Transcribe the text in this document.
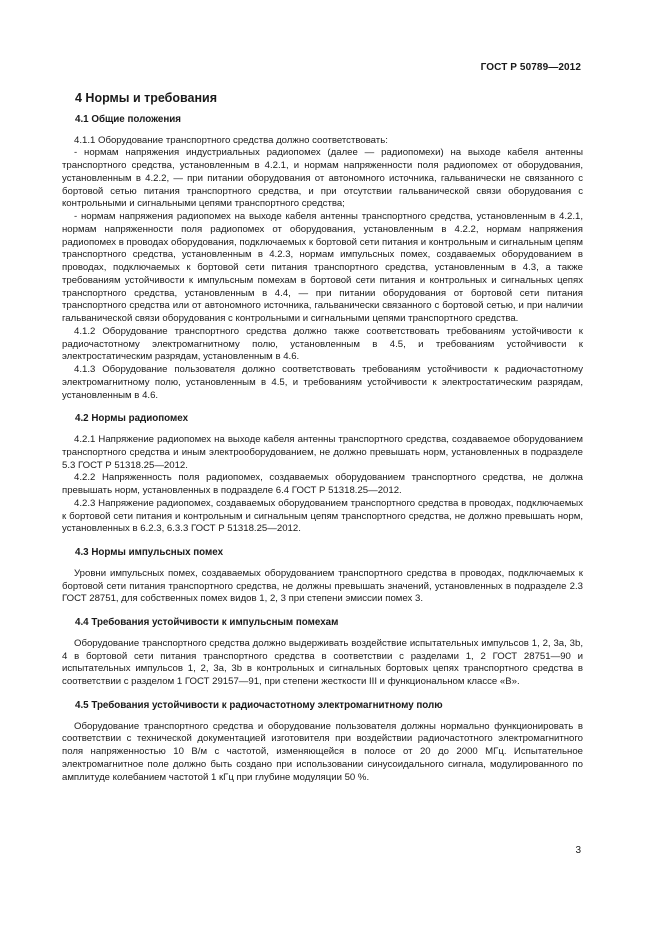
ГОСТ Р 50789—2012
4 Нормы и требования
4.1 Общие положения

4.1.1 Оборудование транспортного средства должно соответствовать:

- нормам напряжения индустриальных радиопомех (далее — радиопомехи) на выходе кабеля антенны транспортного средства, установленным в 4.2.1, и нормам напряженности поля радиопомех от оборудования, установленным в 4.2.2, — при питании оборудования от автономного источника, гальванически не связанного с бортовой сетью питания транспортного средства, и при отсутствии гальванической связи оборудования с контрольными и сигнальными цепями транспортного средства;

- нормам напряжения радиопомех на выходе кабеля антенны транспортного средства, установленным в 4.2.1, нормам напряженности поля радиопомех от оборудования, установленным в 4.2.2, нормам напряжения радиопомех в проводах оборудования, подключаемых к бортовой сети питания и контрольным и сигнальным цепям транспортного средства, установленным в 4.2.3, нормам импульсных помех, создаваемых оборудованием в проводах, подключаемых к бортовой сети питания транспортного средства, установленным в 4.3, а также требованиям устойчивости к импульсным помехам в бортовой сети питания и контрольных и сигнальных цепях транспортного средства, установленным в 4.4, — при питании оборудования от бортовой сети питания транспортного средства или от автономного источника, гальванически связанного с бортовой сетью, и при наличии гальванической связи оборудования с контрольными и сигнальными цепями транспортного средства.

4.1.2 Оборудование транспортного средства должно также соответствовать требованиям устойчивости к радиочастотному электромагнитному полю, установленным в 4.5, и требованиям устойчивости к электростатическим разрядам, установленным в 4.6.

4.1.3 Оборудование пользователя должно соответствовать требованиям устойчивости к радиочастотному электромагнитному полю, установленным в 4.5, и требованиям устойчивости к электростатическим разрядам, установленным в 4.6.

4.2 Нормы радиопомех

4.2.1 Напряжение радиопомех на выходе кабеля антенны транспортного средства, создаваемое оборудованием транспортного средства и иным электрооборудованием, не должно превышать норм, установленных в подразделе 5.3 ГОСТ Р 51318.25—2012.

4.2.2 Напряженность поля радиопомех, создаваемых оборудованием транспортного средства, не должна превышать норм, установленных в подразделе 6.4 ГОСТ Р 51318.25—2012.

4.2.3 Напряжение радиопомех, создаваемых оборудованием транспортного средства в проводах, подключаемых к бортовой сети питания и контрольным и сигнальным цепям транспортного средства, не должно превышать норм, установленных в 6.2.3, 6.3.3 ГОСТ Р 51318.25—2012.

4.3 Нормы импульсных помех

Уровни импульсных помех, создаваемых оборудованием транспортного средства в проводах, подключаемых к бортовой сети питания транспортного средства, не должны превышать значений, установленных в подразделе 2.3 ГОСТ 28751, для собственных помех видов 1, 2, 3 при степени эмиссии помех 3.

4.4 Требования устойчивости к импульсным помехам

Оборудование транспортного средства должно выдерживать воздействие испытательных импульсов 1, 2, 3a, 3b, 4 в бортовой сети питания транспортного средства в соответствии с разделами 1, 2 ГОСТ 28751—90 и испытательных импульсов 1, 2, 3a, 3b в контрольных и сигнальных бортовых цепях транспортного средства в соответствии с разделом 1 ГОСТ 29157—91, при степени жесткости III и функциональном классе «B».

4.5 Требования устойчивости к радиочастотному электромагнитному полю

Оборудование транспортного средства и оборудование пользователя должны нормально функционировать в соответствии с технической документацией изготовителя при воздействии радиочастотного электромагнитного поля напряженностью 10 В/м с частотой, изменяющейся в полосе от 20 до 2000 МГц. Испытательное электромагнитное поле должно быть создано при использовании синусоидального сигнала, модулированного по амплитуде колебанием частотой 1 кГц при глубине модуляции 50 %.

3
